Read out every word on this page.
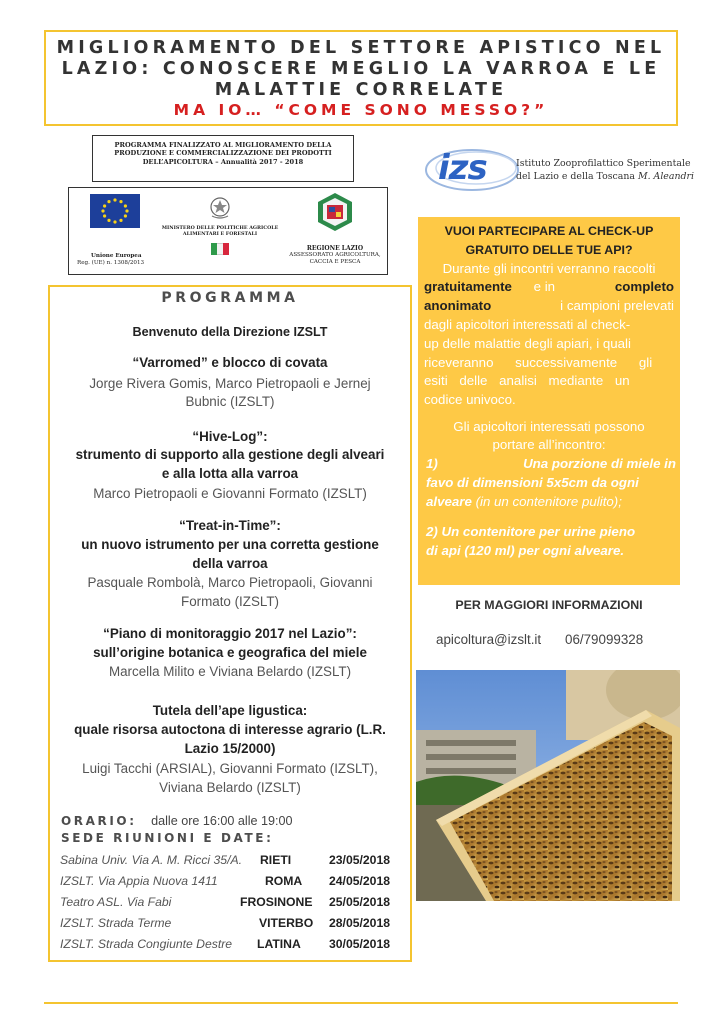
MIGLIORAMENTO DEL SETTORE APISTICO NEL
LAZIO: CONOSCERE MEGLIO LA VARROA E LE
MALATTIE CORRELATE
MA IO… “COME SONO MESSO?”
PROGRAMMA FINALIZZATO AL MIGLIORAMENTO DELLA
PRODUZIONE E COMMERCIALIZZAZIONE DEI PRODOTTI
DELL’APICOLTURA – Annualità 2017 - 2018
Unione Europea
Reg. (UE) n. 1308/2013
MINISTERO DELLE POLITICHE AGRICOLE
ALIMENTARI E FORESTALI
REGIONE LAZIO
ASSESSORATO AGRICOLTURA,
CACCIA E PESCA
izs	Istituto Zooprofilattico Sperimentale
del Lazio e della Toscana M. Aleandri
PROGRAMMA
Benvenuto della Direzione IZSLT
“Varromed” e blocco di covata
Jorge Rivera Gomis, Marco Pietropaoli e Jernej
Bubnic (IZSLT)
“Hive-Log”:
strumento di supporto alla gestione degli alveari
e alla lotta alla varroa
Marco Pietropaoli e Giovanni Formato (IZSLT)
“Treat-in-Time”:
un nuovo istrumento per una corretta gestione
della varroa
Pasquale Rombolà, Marco Pietropaoli, Giovanni
Formato (IZSLT)
“Piano di monitoraggio 2017 nel Lazio”:
sull’origine botanica e geografica del miele
Marcella Milito e Viviana Belardo (IZSLT)
Tutela dell’ape ligustica:
quale risorsa autoctona di interesse agrario (L.R.
Lazio 15/2000)
Luigi Tacchi (ARSIAL), Giovanni Formato (IZSLT),
Viviana Belardo (IZSLT)
ORARIO: dalle ore 16:00 alle 19:00
SEDE RIUNIONI E DATE:
Sabina Univ. Via A. M. Ricci 35/A. RIETI	23/05/2018
IZSLT. Via Appia Nuova 1411	ROMA 24/05/2018
Teatro ASL. Via Fabi	FROSINONE 25/05/2018
IZSLT. Strada Terme	VITERBO 28/05/2018
IZSLT. Strada Congiunte Destre LATINA 30/05/2018
VUOI PARTECIPARE AL CHECK-UP
GRATUITO DELLE TUE API?
Durante gli incontri verranno raccolti
gratuitamente e in	completo
anonimato	i campioni prelevati
dagli apicoltori interessati al check-
up delle malattie degli apiari, i quali
riceveranno successivamente gli
esiti delle analisi mediante un
codice univoco.
Gli apicoltori interessati possono
portare all’incontro:
1)	Una porzione di miele in
favo di dimensioni 5x5cm da ogni
alveare (in un contenitore pulito);
2) Un contenitore per urine pieno
di api (120 ml) per ogni alveare.
PER MAGGIORI INFORMAZIONI
apicoltura@izslt.it 06/79099328
